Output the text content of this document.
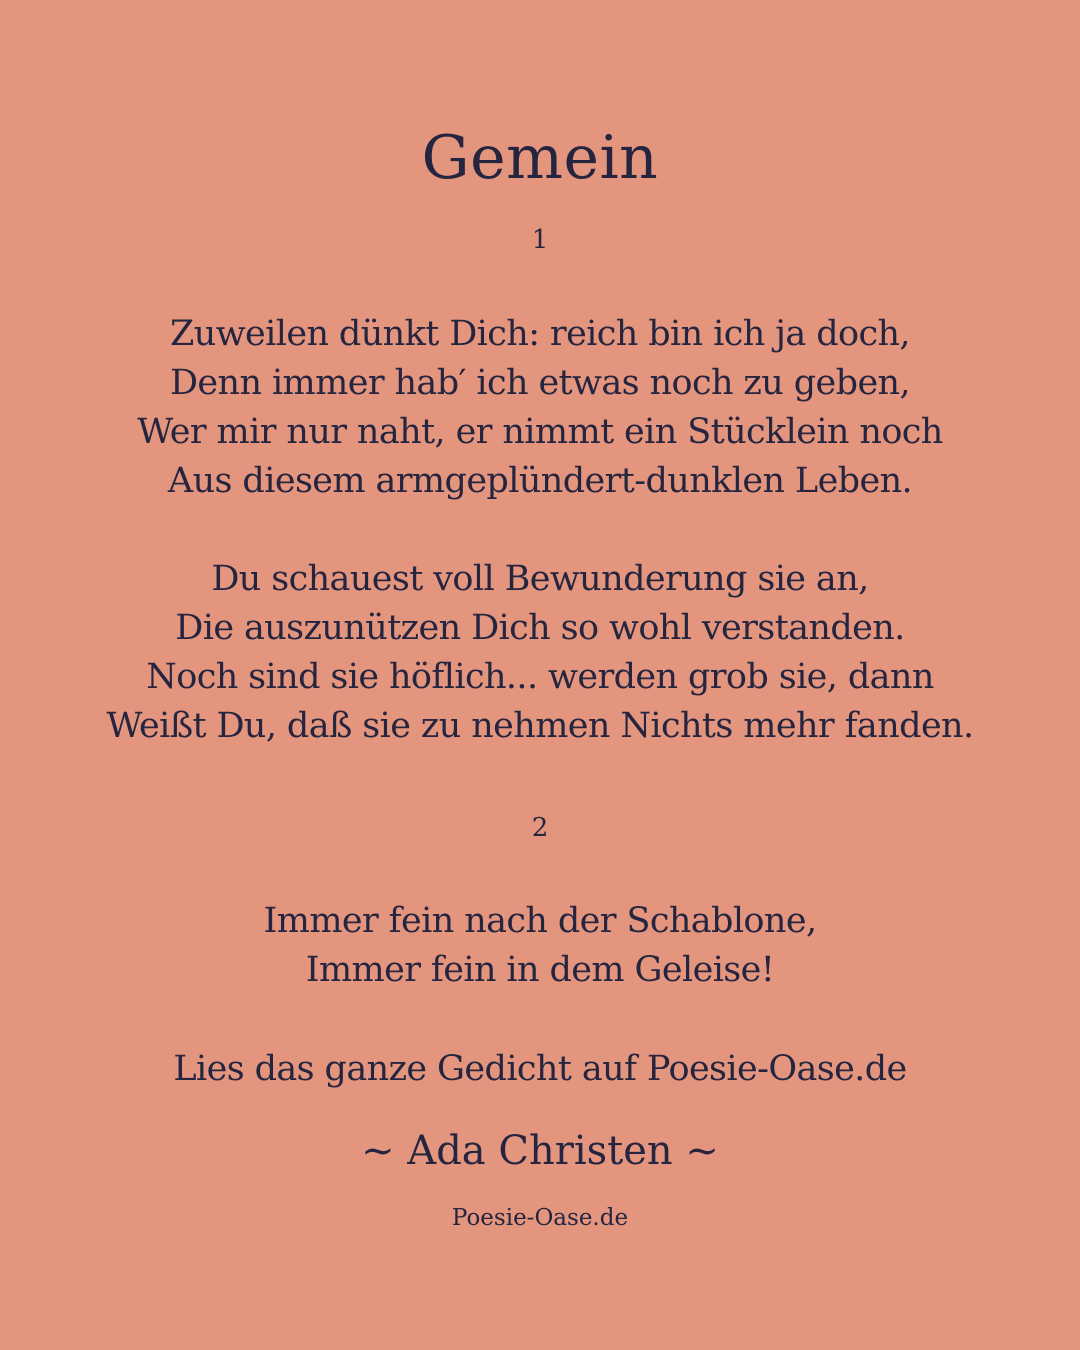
Gemein
1
Zuweilen dünkt Dich: reich bin ich ja doch,
Denn immer hab′ ich etwas noch zu geben,
Wer mir nur naht, er nimmt ein Stücklein noch
Aus diesem armgeplündert-dunklen Leben.
Du schauest voll Bewunderung sie an,
Die auszunützen Dich so wohl verstanden.
Noch sind sie höflich... werden grob sie, dann
Weißt Du, daß sie zu nehmen Nichts mehr fanden.
2
Immer fein nach der Schablone,
Immer fein in dem Geleise!
Lies das ganze Gedicht auf Poesie-Oase.de
~ Ada Christen ~
Poesie-Oase.de
